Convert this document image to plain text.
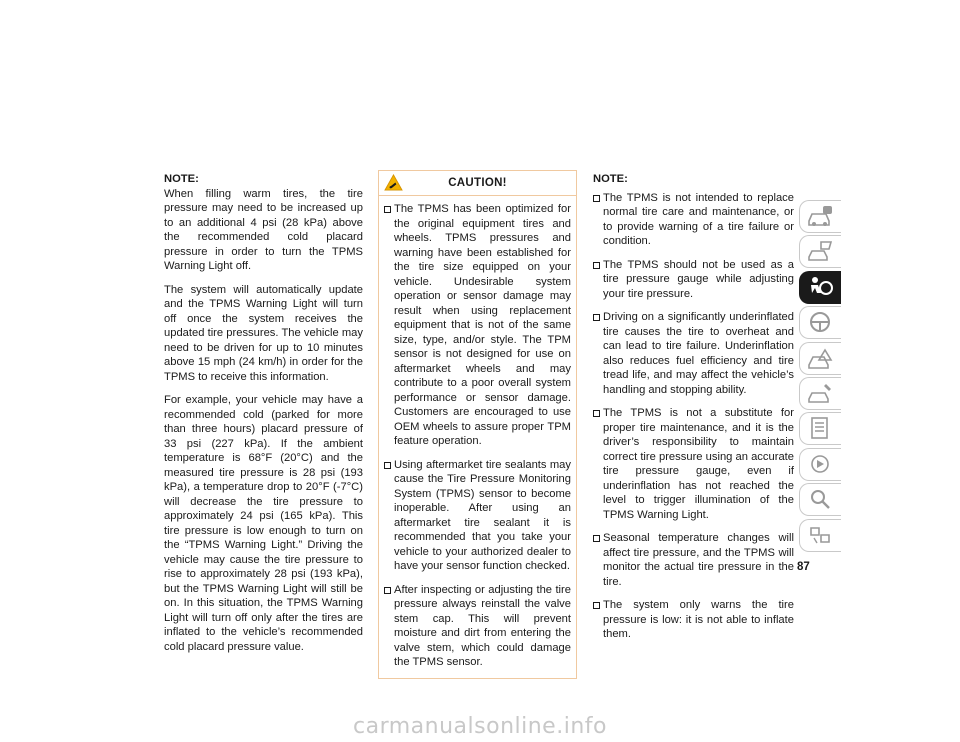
NOTE:
When filling warm tires, the tire pressure may need to be increased up to an additional 4 psi (28 kPa) above the recommended cold placard pressure in order to turn the TPMS Warning Light off.

The system will automatically update and the TPMS Warning Light will turn off once the system receives the updated tire pressures. The vehicle may need to be driven for up to 10 minutes above 15 mph (24 km/h) in order for the TPMS to receive this information.

For example, your vehicle may have a recommended cold (parked for more than three hours) placard pressure of 33 psi (227 kPa). If the ambient temperature is 68°F (20°C) and the measured tire pressure is 28 psi (193 kPa), a temperature drop to 20°F (-7°C) will decrease the tire pressure to approximately 24 psi (165 kPa). This tire pressure is low enough to turn on the “TPMS Warning Light.” Driving the vehicle may cause the tire pressure to rise to approximately 28 psi (193 kPa), but the TPMS Warning Light will still be on. In this situation, the TPMS Warning Light will turn off only after the tires are inflated to the vehicle’s recommended cold placard pressure value.

CAUTION!
The TPMS has been optimized for the original equipment tires and wheels. TPMS pressures and warning have been established for the tire size equipped on your vehicle. Undesirable system operation or sensor damage may result when using replacement equipment that is not of the same size, type, and/or style. The TPM sensor is not designed for use on aftermarket wheels and may contribute to a poor overall system performance or sensor damage. Customers are encouraged to use OEM wheels to assure proper TPM feature operation.
Using aftermarket tire sealants may cause the Tire Pressure Monitoring System (TPMS) sensor to become inoperable. After using an aftermarket tire sealant it is recommended that you take your vehicle to your authorized dealer to have your sensor function checked.
After inspecting or adjusting the tire pressure always reinstall the valve stem cap. This will prevent moisture and dirt from entering the valve stem, which could damage the TPMS sensor.
NOTE:
The TPMS is not intended to replace normal tire care and maintenance, or to provide warning of a tire failure or condition.
The TPMS should not be used as a tire pressure gauge while adjusting your tire pressure.
Driving on a significantly underinflated tire causes the tire to overheat and can lead to tire failure. Underinflation also reduces fuel efficiency and tire tread life, and may affect the vehicle’s handling and stopping ability.
The TPMS is not a substitute for proper tire maintenance, and it is the driver’s responsibility to maintain correct tire pressure using an accurate tire pressure gauge, even if underinflation has not reached the level to trigger illumination of the TPMS Warning Light.
Seasonal temperature changes will affect tire pressure, and the TPMS will monitor the actual tire pressure in the tire.
The system only warns the tire pressure is low: it is not able to inflate them.
87
carmanualsonline.info
